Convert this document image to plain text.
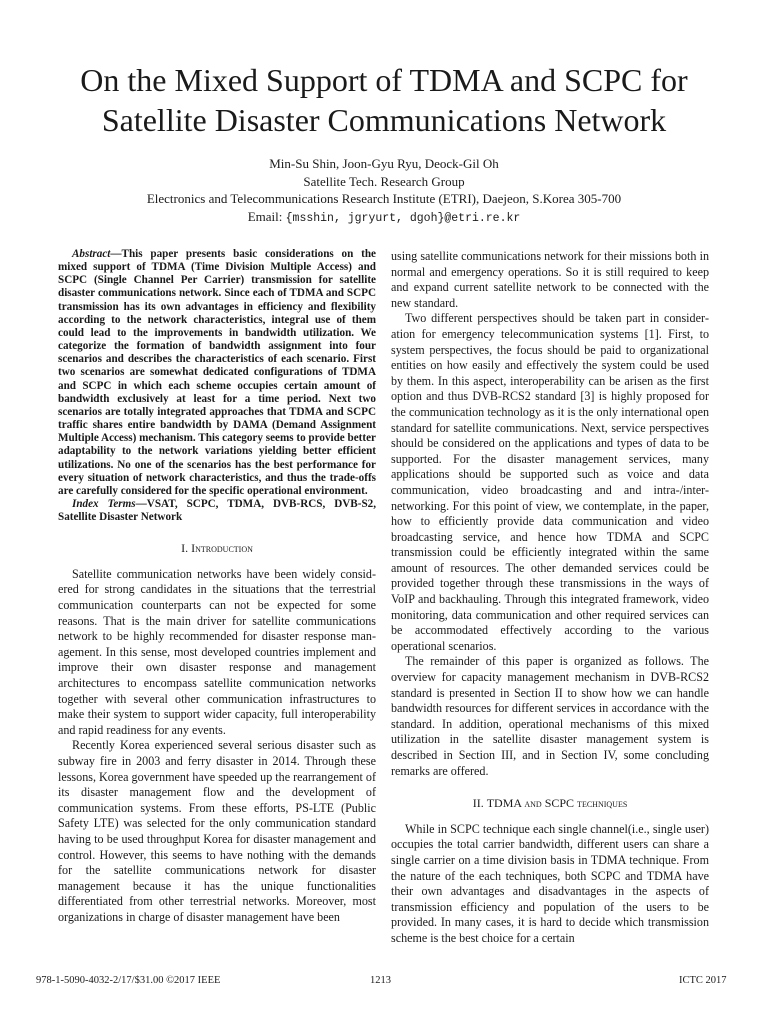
On the Mixed Support of TDMA and SCPC for
Satellite Disaster Communications Network
Min-Su Shin, Joon-Gyu Ryu, Deock-Gil Oh
Satellite Tech. Research Group
Electronics and Telecommunications Research Institute (ETRI), Daejeon, S.Korea 305-700
Email: {msshin, jgryurt, dgoh}@etri.re.kr

Abstract—This paper presents basic considerations on the mixed support of TDMA (Time Division Multiple Access) and SCPC (Single Channel Per Carrier) transmission for satellite disaster communications network. Since each of TDMA and SCPC transmission has its own advantages in efficiency and flexibility according to the network characteristics, integral use of them could lead to the improvements in bandwidth utilization. We categorize the formation of bandwidth assignment into four scenarios and describes the characteristics of each scenario. First two scenarios are somewhat dedicated configurations of TDMA and SCPC in which each scheme occupies certain amount of bandwidth exclusively at least for a time period. Next two scenarios are totally integrated approaches that TDMA and SCPC traffic shares entire bandwidth by DAMA (Demand Assignment Multiple Access) mechanism. This category seems to provide better adaptability to the network variations yielding better efficient utilizations. No one of the scenarios has the best performance for every situation of network characteristics, and thus the trade-offs are carefully considered for the specific operational environment.

Index Terms—VSAT, SCPC, TDMA, DVB-RCS, DVB-S2, Satellite Disaster Network

I. Introduction

Satellite communication networks have been widely considered for strong candidates in the situations that the terrestrial communication counterparts can not be expected for some reasons. That is the main driver for satellite communications network to be highly recommended for disaster response management. In this sense, most developed countries implement and improve their own disaster response and management architectures to encompass satellite communication networks together with several other communication infrastructures to make their system to support wider capacity, full interoperability and rapid readiness for any events.

Recently Korea experienced several serious disaster such as subway fire in 2003 and ferry disaster in 2014. Through these lessons, Korea government have speeded up the rearrangement of its disaster management flow and the development of communication systems. From these efforts, PS-LTE (Public Safety LTE) was selected for the only communication standard having to be used throughput Korea for disaster management and control. However, this seems to have nothing with the demands for the satellite communications network for disaster management because it has the unique functionalities differentiated from other terrestrial networks. Moreover, most organizations in charge of disaster management have been

using satellite communications network for their missions both in normal and emergency operations. So it is still required to keep and expand current satellite network to be connected with the new standard.

Two different perspectives should be taken part in consideration for emergency telecommunication systems [1]. First, to system perspectives, the focus should be paid to organizational entities on how easily and effectively the system could be used by them. In this aspect, interoperability can be arisen as the first option and thus DVB-RCS2 standard [3] is highly proposed for the communication technology as it is the only international open standard for satellite communications. Next, service perspectives should be considered on the applications and types of data to be supported. For the disaster management services, many applications should be supported such as voice and data communication, video broadcasting and and intra-/inter-networking. For this point of view, we contemplate, in the paper, how to efficiently provide data communication and video broadcasting service, and hence how TDMA and SCPC transmission could be efficiently integrated within the same amount of resources. The other demanded services could be provided together through these transmissions in the ways of VoIP and backhauling. Through this integrated framework, video monitoring, data communication and other required services can be accommodated effectively according to the various operational scenarios.

The remainder of this paper is organized as follows. The overview for capacity management mechanism in DVB-RCS2 standard is presented in Section II to show how we can handle bandwidth resources for different services in accordance with the standard. In addition, operational mechanisms of this mixed utilization in the satellite disaster management system is described in Section III, and in Section IV, some concluding remarks are offered.

II. TDMA and SCPC techniques

While in SCPC technique each single channel(i.e., single user) occupies the total carrier bandwidth, different users can share a single carrier on a time division basis in TDMA technique. From the nature of the each techniques, both SCPC and TDMA have their own advantages and disadvantages in the aspects of transmission efficiency and population of the users to be provided. In many cases, it is hard to decide which transmission scheme is the best choice for a certain

978-1-5090-4032-2/17/$31.00 ©2017 IEEE	1213	ICTC 2017
